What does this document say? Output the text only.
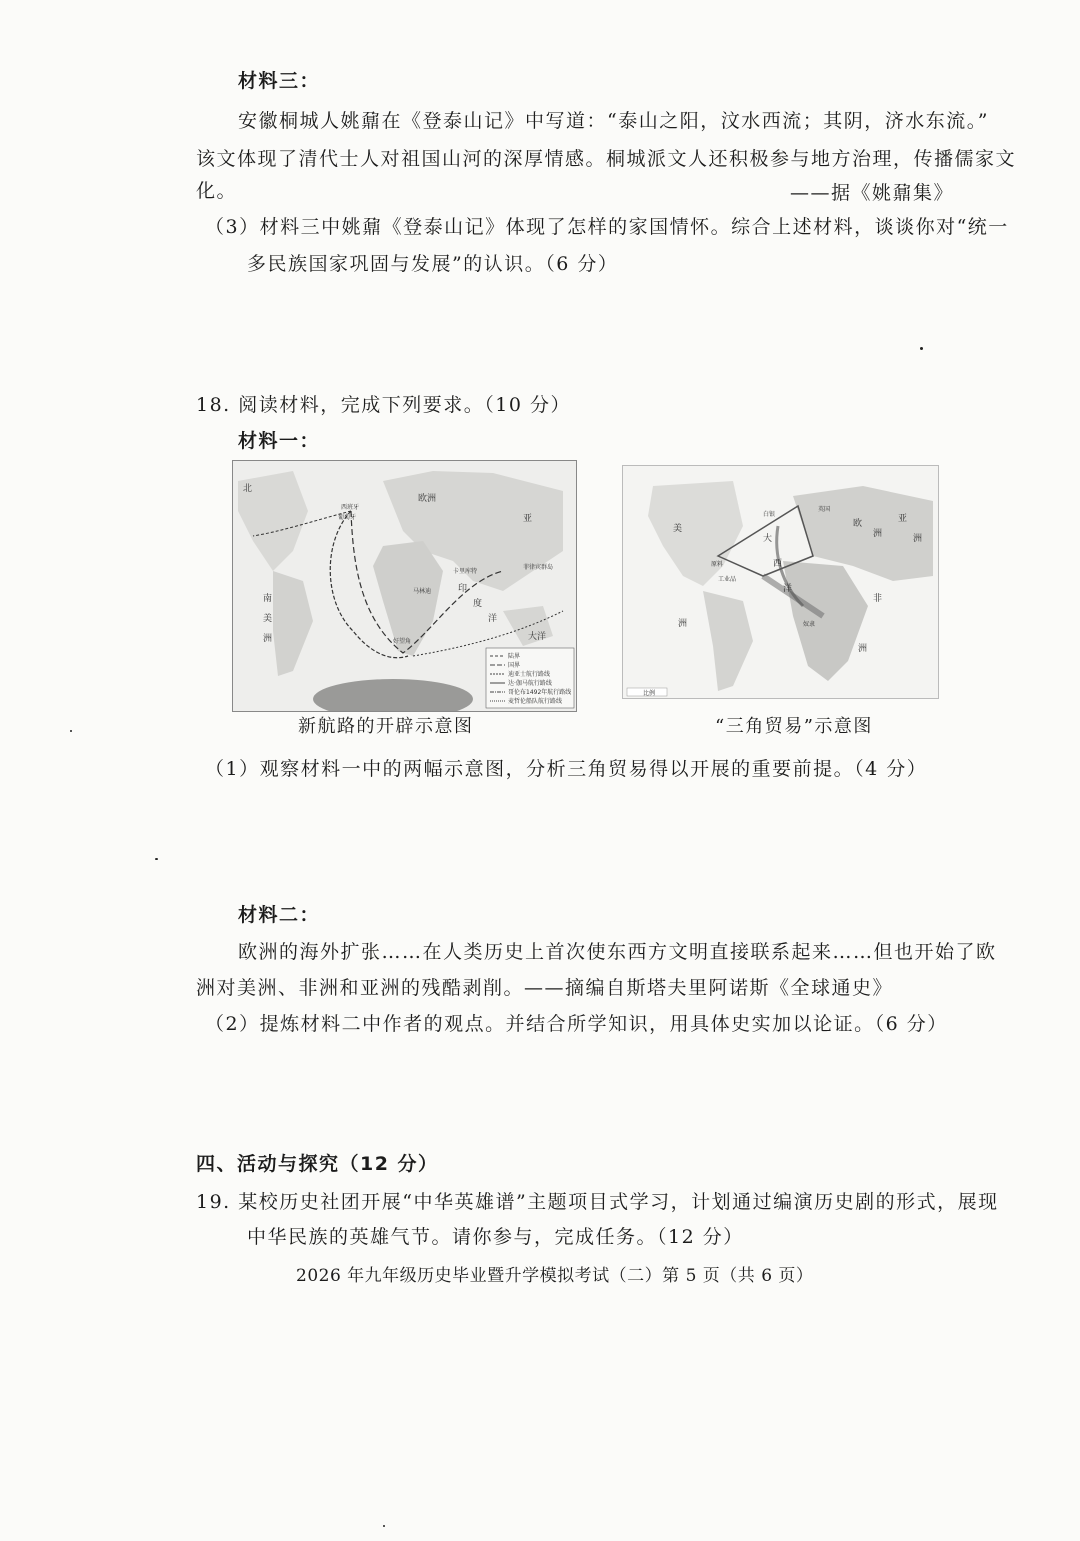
材料三：
安徽桐城人姚鼐在《登泰山记》中写道：“泰山之阳，汶水西流；其阴，济水东流。”
该文体现了清代士人对祖国山河的深厚情感。桐城派文人还积极参与地方治理，传播儒家文
化。	——据《姚鼐集》
（3）材料三中姚鼐《登泰山记》体现了怎样的家国情怀。综合上述材料，谈谈你对“统一
多民族国家巩固与发展”的认识。（6 分）
18. 阅读材料，完成下列要求。（10 分）
材料一：
北
欧洲
西班牙
葡萄牙	亚
卡里库特
菲律宾群岛
马林迪
好望角
南
美
洲
印
度
洋
大洋
陆界
国界
迪亚士航行路线
达·伽马航行路线
哥伦布1492年航行路线
麦哲伦船队航行路线
新航路的开辟示意图
白银
英国
欧
洲
亚
洲
美
洲
非
洲
大
西
洋
奴隶
原料
工业品
比例
“三角贸易”示意图
（1）观察材料一中的两幅示意图，分析三角贸易得以开展的重要前提。（4 分）
材料二：
欧洲的海外扩张……在人类历史上首次使东西方文明直接联系起来……但也开始了欧
洲对美洲、非洲和亚洲的残酷剥削。——摘编自斯塔夫里阿诺斯《全球通史》
（2）提炼材料二中作者的观点。并结合所学知识，用具体史实加以论证。（6 分）
四、活动与探究（12 分）
19. 某校历史社团开展“中华英雄谱”主题项目式学习，计划通过编演历史剧的形式，展现
中华民族的英雄气节。请你参与，完成任务。（12 分）
2026 年九年级历史毕业暨升学模拟考试（二）第 5 页（共 6 页）
